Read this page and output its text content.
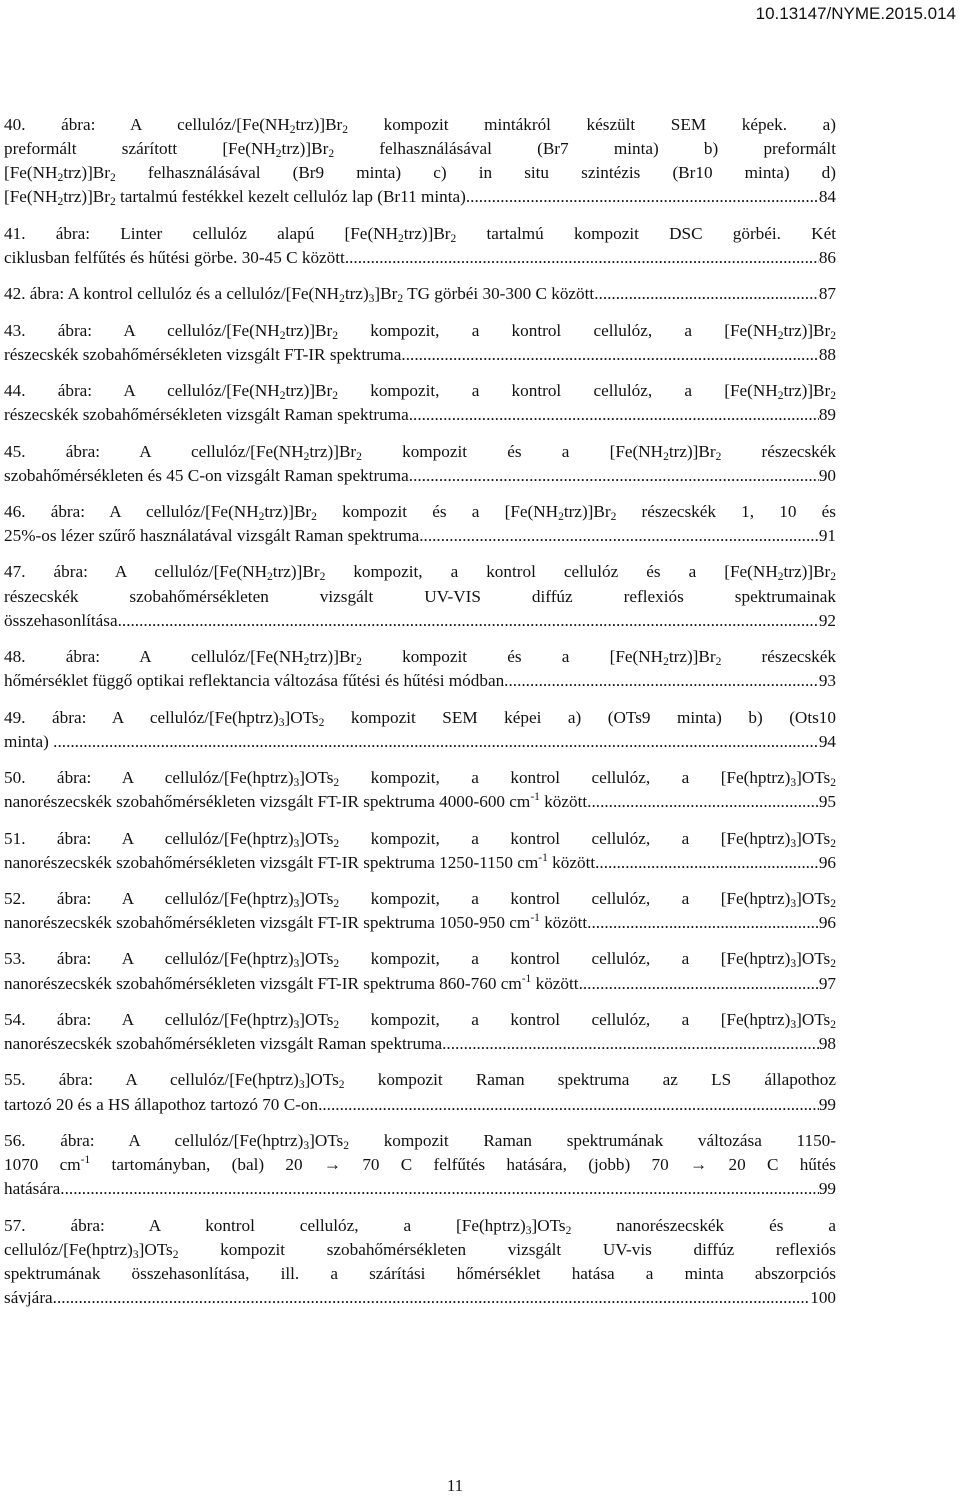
10.13147/NYME.2015.014
40. ábra: A cellulóz/$[Fe(NH_2trz)]Br_2$ kompozit mintákról készült SEM képek. a)
preformált szárított $[Fe(NH_2trz)]Br_2$ felhasználásával (Br7 minta) b) preformált
$[Fe(NH_2trz)]Br_2$ felhasználásával (Br9 minta) c) in situ szintézis (Br10 minta) d)
$[Fe(NH_2trz)]Br_2$ tartalmú festékkel kezelt cellulóz lap (Br11 minta). .....	84
41. ábra: Linter cellulóz alapú $[Fe(NH_2trz)]Br_2$ tartalmú kompozit DSC görbéi. Két
ciklusban felfűtés és hűtési görbe. 30-45 C között. .....	86
42. ábra: A kontrol cellulóz és a cellulóz/$[Fe(NH_2trz)_3]Br_2$ TG görbéi 30-300 C között. .....	87
43. ábra: A cellulóz/$[Fe(NH_2trz)]Br_2$ kompozit, a kontrol cellulóz, a $[Fe(NH_2trz)]Br_2$
részecskék szobahőmérsékleten vizsgált FT-IR spektruma. .....	88
44. ábra: A cellulóz/$[Fe(NH_2trz)]Br_2$ kompozit, a kontrol cellulóz, a $[Fe(NH_2trz)]Br_2$
részecskék szobahőmérsékleten vizsgált Raman spektruma. .....	89
45. ábra: A cellulóz/$[Fe(NH_2trz)]Br_2$ kompozit és a $[Fe(NH_2trz)]Br_2$ részecskék
szobahőmérsékleten és 45 C-on vizsgált Raman spektruma. .....	90
46. ábra: A cellulóz/$[Fe(NH_2trz)]Br_2$ kompozit és a $[Fe(NH_2trz)]Br_2$ részecskék 1, 10 és
25%-os lézer szűrő használatával vizsgált Raman spektruma. .....	91
47. ábra: A cellulóz/$[Fe(NH_2trz)]Br_2$ kompozit, a kontrol cellulóz és a $[Fe(NH_2trz)]Br_2$
részecskék szobahőmérsékleten vizsgált UV-VIS diffúz reflexiós spektrumainak
összehasonlítása. .....	92
48. ábra: A cellulóz/$[Fe(NH_2trz)]Br_2$ kompozit és a $[Fe(NH_2trz)]Br_2$ részecskék
hőmérséklet függő optikai reflektancia változása fűtési és hűtési módban. .....	93
49. ábra: A cellulóz/$[Fe(hptrz)_3]OTs_2$ kompozit SEM képei a) (OTs9 minta) b) (Ots10
minta) . .....	94
50. ábra: A cellulóz/$[Fe(hptrz)_3]OTs_2$ kompozit, a kontrol cellulóz, a $[Fe(hptrz)_3]OTs_2$
nanorészecskék szobahőmérsékleten vizsgált FT-IR spektruma 4000-600 $cm^{-1}$ között. .....	95
51. ábra: A cellulóz/$[Fe(hptrz)_3]OTs_2$ kompozit, a kontrol cellulóz, a $[Fe(hptrz)_3]OTs_2$
nanorészecskék szobahőmérsékleten vizsgált FT-IR spektruma 1250-1150 $cm^{-1}$ között. .....	96
52. ábra: A cellulóz/$[Fe(hptrz)_3]OTs_2$ kompozit, a kontrol cellulóz, a $[Fe(hptrz)_3]OTs_2$
nanorészecskék szobahőmérsékleten vizsgált FT-IR spektruma 1050-950 $cm^{-1}$ között. .....	96
53. ábra: A cellulóz/$[Fe(hptrz)_3]OTs_2$ kompozit, a kontrol cellulóz, a $[Fe(hptrz)_3]OTs_2$
nanorészecskék szobahőmérsékleten vizsgált FT-IR spektruma 860-760 $cm^{-1}$ között. .....	97
54. ábra: A cellulóz/$[Fe(hptrz)_3]OTs_2$ kompozit, a kontrol cellulóz, a $[Fe(hptrz)_3]OTs_2$
nanorészecskék szobahőmérsékleten vizsgált Raman spektruma. .....	98
55. ábra: A cellulóz/$[Fe(hptrz)_3]OTs_2$ kompozit Raman spektruma az LS állapothoz
tartozó 20 és a HS állapothoz tartozó 70 C-on. .....	99
56. ábra: A cellulóz/$[Fe(hptrz)_3]OTs_2$ kompozit Raman spektrumának változása 1150-
1070 $cm^{-1}$ tartományban, (bal) 20 → 70 C felfűtés hatására, (jobb) 70 → 20 C hűtés
hatására. .....	99
57. ábra: A kontrol cellulóz, a $[Fe(hptrz)_3]OTs_2$ nanorészecskék és a
cellulóz/$[Fe(hptrz)_3]OTs_2$ kompozit szobahőmérsékleten vizsgált UV-vis diffúz reflexiós
spektrumának összehasonlítása, ill. a szárítási hőmérséklet hatása a minta abszorpciós
sávjára. .....	100
11
